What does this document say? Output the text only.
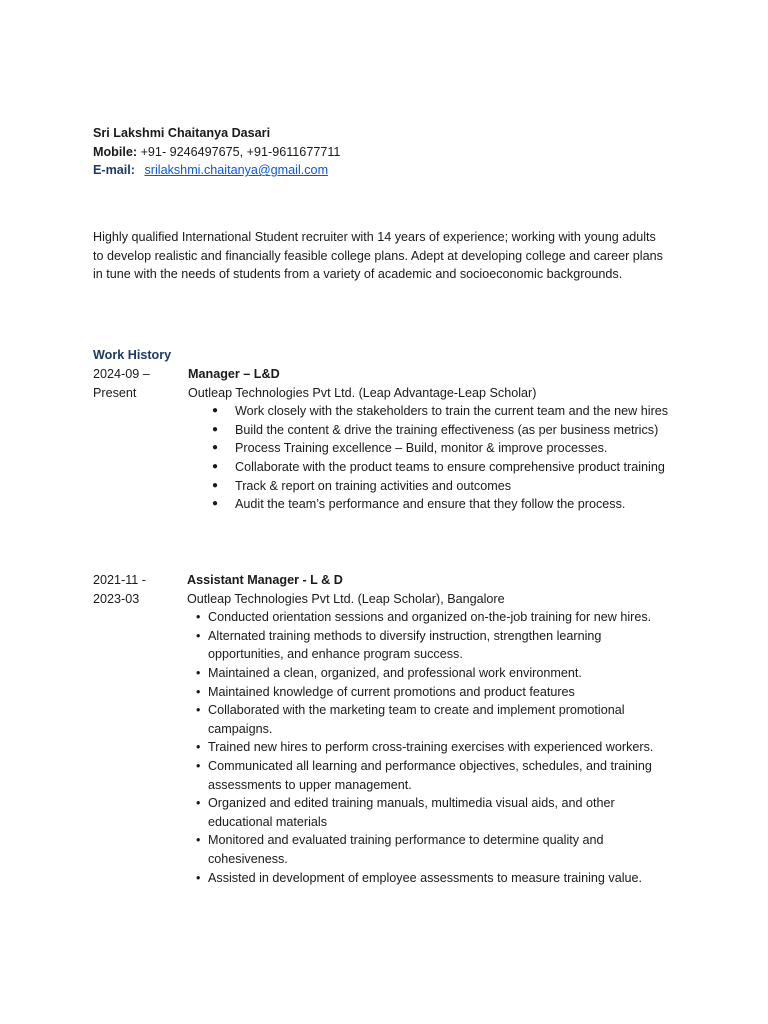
Sri Lakshmi Chaitanya Dasari
Mobile: +91- 9246497675, +91-9611677711
E-mail: srilakshmi.chaitanya@gmail.com
Highly qualified International Student recruiter with 14 years of experience; working with young adults to develop realistic and financially feasible college plans. Adept at developing college and career plans in tune with the needs of students from a variety of academic and socioeconomic backgrounds.
Work History
2024-09 –
Present
Manager – L&D
Outleap Technologies Pvt Ltd. (Leap Advantage-Leap Scholar)
● Work closely with the stakeholders to train the current team and the new hires
● Build the content & drive the training effectiveness (as per business metrics)
● Process Training excellence – Build, monitor & improve processes.
● Collaborate with the product teams to ensure comprehensive product training
● Track & report on training activities and outcomes
● Audit the team’s performance and ensure that they follow the process.
2021-11 -
2023-03
Assistant Manager - L & D
Outleap Technologies Pvt Ltd. (Leap Scholar), Bangalore
• Conducted orientation sessions and organized on-the-job training for new hires.
• Alternated training methods to diversify instruction, strengthen learning opportunities, and enhance program success.
• Maintained a clean, organized, and professional work environment.
• Maintained knowledge of current promotions and product features
• Collaborated with the marketing team to create and implement promotional campaigns.
• Trained new hires to perform cross-training exercises with experienced workers.
• Communicated all learning and performance objectives, schedules, and training assessments to upper management.
• Organized and edited training manuals, multimedia visual aids, and other educational materials
• Monitored and evaluated training performance to determine quality and cohesiveness.
• Assisted in development of employee assessments to measure training value.
